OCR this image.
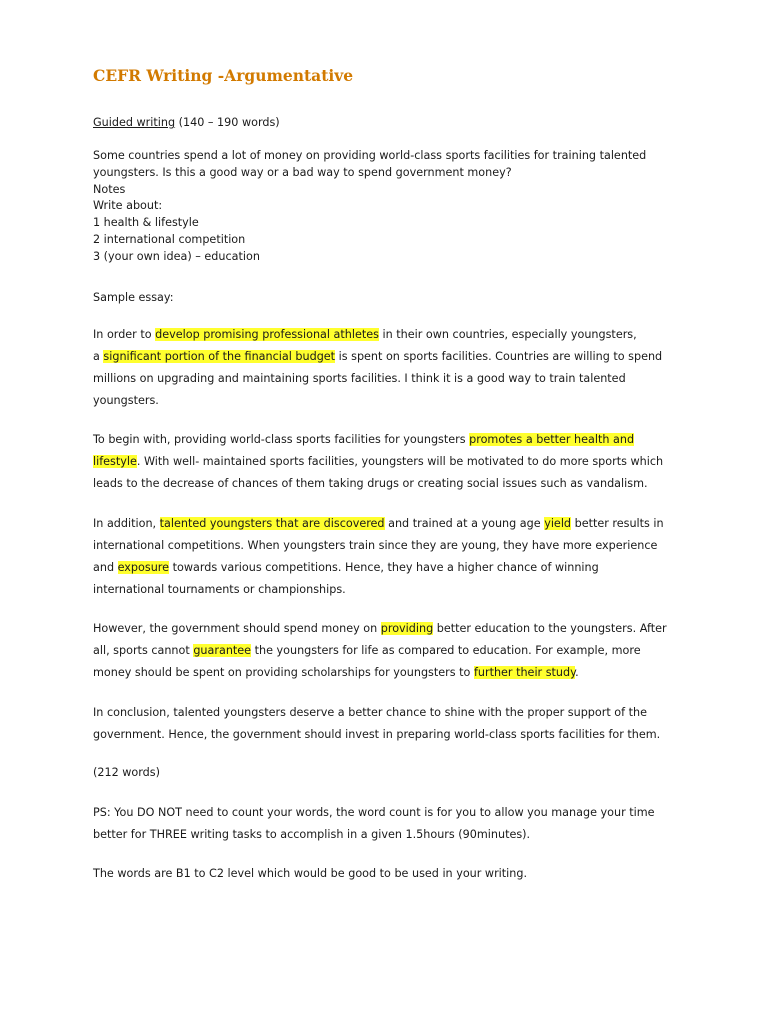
CEFR Writing -Argumentative
Guided writing (140 – 190 words)

Some countries spend a lot of money on providing world-class sports facilities for training talented

youngsters. Is this a good way or a bad way to spend government money?

Notes

Write about:

1 health & lifestyle

2 international competition

3 (your own idea) – education

Sample essay:

In order to develop promising professional athletes in their own countries, especially youngsters,

a significant portion of the financial budget is spent on sports facilities. Countries are willing to spend

millions on upgrading and maintaining sports facilities. I think it is a good way to train talented

youngsters.

To begin with, providing world-class sports facilities for youngsters promotes a better health and

lifestyle. With well- maintained sports facilities, youngsters will be motivated to do more sports which

leads to the decrease of chances of them taking drugs or creating social issues such as vandalism.

In addition, talented youngsters that are discovered and trained at a young age yield better results in

international competitions. When youngsters train since they are young, they have more experience

and exposure towards various competitions. Hence, they have a higher chance of winning

international tournaments or championships.

However, the government should spend money on providing better education to the youngsters. After

all, sports cannot guarantee the youngsters for life as compared to education. For example, more

money should be spent on providing scholarships for youngsters to further their study.

In conclusion, talented youngsters deserve a better chance to shine with the proper support of the

government. Hence, the government should invest in preparing world-class sports facilities for them.

(212 words)

PS: You DO NOT need to count your words, the word count is for you to allow you manage your time

better for THREE writing tasks to accomplish in a given 1.5hours (90minutes).

The words are B1 to C2 level which would be good to be used in your writing.
